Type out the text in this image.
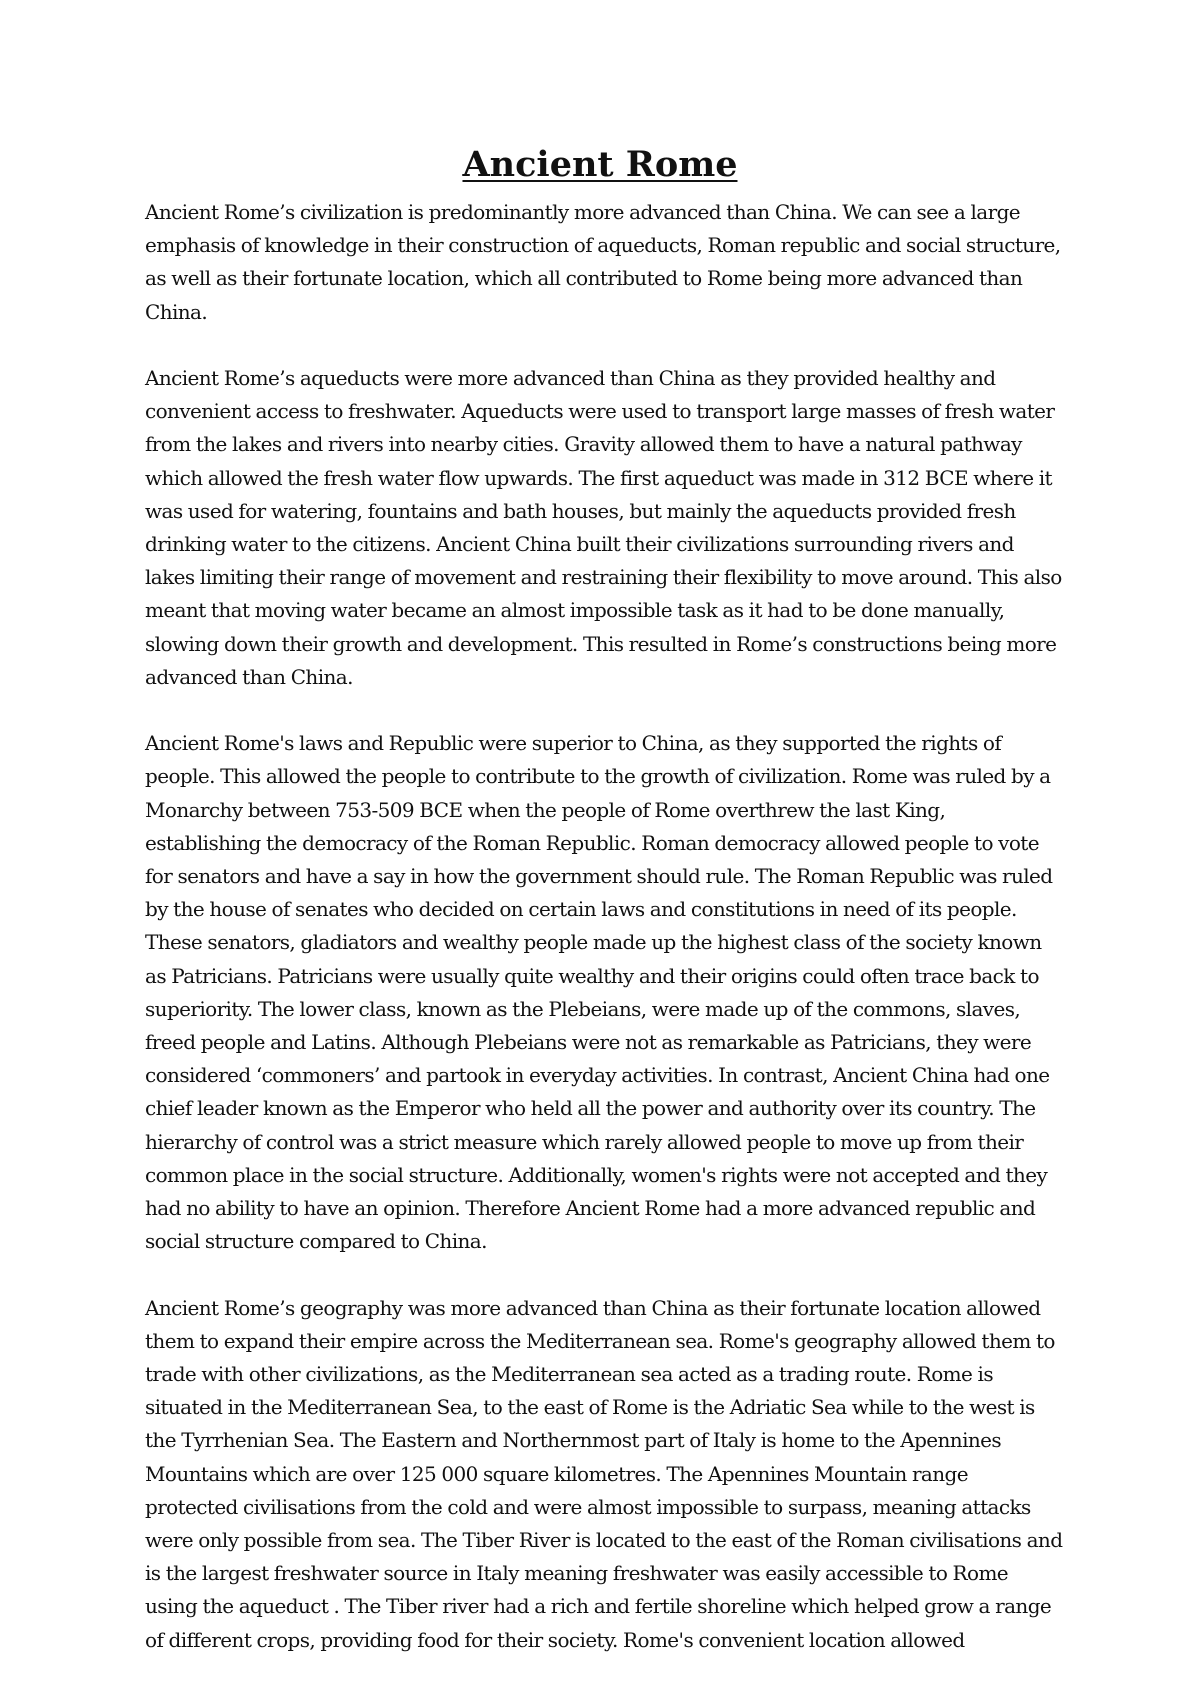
Ancient Rome

Ancient Rome’s civilization is predominantly more advanced than China. We can see a large emphasis of knowledge in their construction of aqueducts, Roman republic and social structure, as well as their fortunate location, which all contributed to Rome being more advanced than China.

Ancient Rome’s aqueducts were more advanced than China as they provided healthy and convenient access to freshwater. Aqueducts were used to transport large masses of fresh water from the lakes and rivers into nearby cities. Gravity allowed them to have a natural pathway which allowed the fresh water flow upwards. The first aqueduct was made in 312 BCE where it was used for watering, fountains and bath houses, but mainly the aqueducts provided fresh drinking water to the citizens. Ancient China built their civilizations surrounding rivers and lakes limiting their range of movement and restraining their flexibility to move around. This also meant that moving water became an almost impossible task as it had to be done manually, slowing down their growth and development. This resulted in Rome’s constructions being more advanced than China.

Ancient Rome's laws and Republic were superior to China, as they supported the rights of people. This allowed the people to contribute to the growth of civilization. Rome was ruled by a Monarchy between 753-509 BCE when the people of Rome overthrew the last King, establishing the democracy of the Roman Republic. Roman democracy allowed people to vote for senators and have a say in how the government should rule. The Roman Republic was ruled by the house of senates who decided on certain laws and constitutions in need of its people. These senators, gladiators and wealthy people made up the highest class of the society known as Patricians. Patricians were usually quite wealthy and their origins could often trace back to superiority. The lower class, known as the Plebeians, were made up of the commons, slaves, freed people and Latins. Although Plebeians were not as remarkable as Patricians, they were considered ‘commoners’ and partook in everyday activities. In contrast, Ancient China had one chief leader known as the Emperor who held all the power and authority over its country. The hierarchy of control was a strict measure which rarely allowed people to move up from their common place in the social structure. Additionally, women's rights were not accepted and they had no ability to have an opinion. Therefore Ancient Rome had a more advanced republic and social structure compared to China.

Ancient Rome’s geography was more advanced than China as their fortunate location allowed them to expand their empire across the Mediterranean sea. Rome's geography allowed them to trade with other civilizations, as the Mediterranean sea acted as a trading route. Rome is situated in the Mediterranean Sea, to the east of Rome is the Adriatic Sea while to the west is the Tyrrhenian Sea. The Eastern and Northernmost part of Italy is home to the Apennines Mountains which are over 125 000 square kilometres. The Apennines Mountain range protected civilisations from the cold and were almost impossible to surpass, meaning attacks were only possible from sea. The Tiber River is located to the east of the Roman civilisations and is the largest freshwater source in Italy meaning freshwater was easily accessible to Rome using the aqueduct . The Tiber river had a rich and fertile shoreline which helped grow a range of different crops, providing food for their society. Rome's convenient location allowed
